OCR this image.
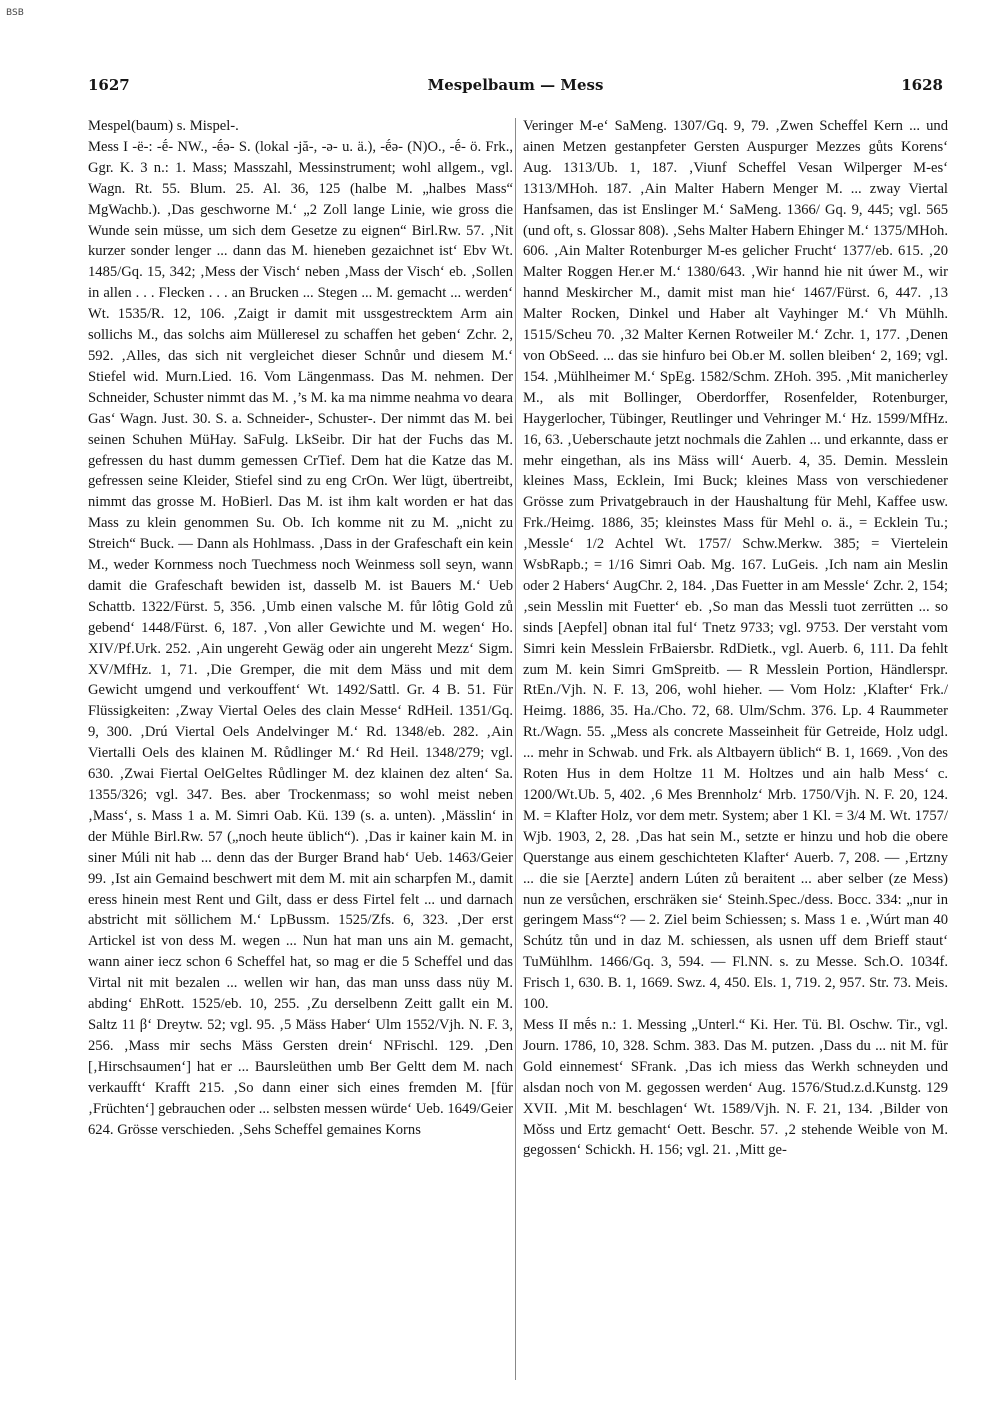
BSB
1627	Mespelbaum — Mess	1628

Mespel(baum) s. Mispel-.

Mess I -ë-: -ḗ- NW., -ḗə- S. (lokal -jă-, -ə- u. ä.), -ḗə- (N)O., -ḗ- ö. Frk., Ggr. K. 3 n.: 1. Mass; Masszahl, Messinstrument; wohl allgem., vgl. Wagn. Rt. 55. Blum. 25. Al. 36, 125 (halbe M. „halbes Mass“ MgWachb.). ‚Das geschworne M.‘ „2 Zoll lange Linie, wie gross die Wunde sein müsse, um sich dem Gesetze zu eignen“ Birl.Rw. 57. ‚Nit kurzer sonder lenger ... dann das M. hieneben gezaichnet ist‘ Ebv Wt. 1485/Gq. 15, 342; ‚Mess der Visch‘ neben ‚Mass der Visch‘ eb. ‚Sollen in allen . . . Flecken . . . an Brucken ... Stegen ... M. gemacht ... werden‘ Wt. 1535/R. 12, 106. ‚Zaigt ir damit mit ussgestrecktem Arm ain sollichs M., das solchs aim Mülleresel zu schaffen het geben‘ Zchr. 2, 592. ‚Alles, das sich nit vergleichet dieser Schnůr und diesem M.‘ Stiefel wid. Murn.Lied. 16. Vom Längenmass. Das M. nehmen. Der Schneider, Schuster nimmt das M. ‚’s M. ka ma nimme neahma vo deara Gas‘ Wagn. Just. 30. S. a. Schneider-, Schuster-. Der nimmt das M. bei seinen Schuhen MüHay. SaFulg. LkSeibr. Dir hat der Fuchs das M. gefressen du hast dumm gemessen CrTief. Dem hat die Katze das M. gefressen seine Kleider, Stiefel sind zu eng CrOn. Wer lügt, übertreibt, nimmt das grosse M. HoBierl. Das M. ist ihm kalt worden er hat das Mass zu klein genommen Su. Ob. Ich komme nit zu M. „nicht zu Streich“ Buck. — Dann als Hohlmass. ‚Dass in der Grafeschaft ein kein M., weder Kornmess noch Tuechmess noch Weinmess soll seyn, wann damit die Grafeschaft bewiden ist, dasselb M. ist Bauers M.‘ Ueb Schattb. 1322/Fürst. 5, 356. ‚Umb einen valsche M. fůr lôtig Gold zů gebend‘ 1448/Fürst. 6, 187. ‚Von aller Gewichte und M. wegen‘ Ho. XIV/Pf.Urk. 252. ‚Ain ungereht Gewäg oder ain ungereht Mezz‘ Sigm. XV/MfHz. 1, 71. ‚Die Gremper, die mit dem Mäss und mit dem Gewicht umgend und verkouffent‘ Wt. 1492/Sattl. Gr. 4 B. 51. Für Flüssigkeiten: ‚Zway Viertal Oeles des clain Messe‘ RdHeil. 1351/Gq. 9, 300. ‚Drú Viertal Oels Andelvinger M.‘ Rd. 1348/eb. 282. ‚Ain Viertalli Oels des klainen M. Růdlinger M.‘ Rd Heil. 1348/279; vgl. 630. ‚Zwai Fiertal OelGeltes Růdlinger M. dez klainen dez alten‘ Sa. 1355/326; vgl. 347. Bes. aber Trockenmass; so wohl meist neben ‚Mass‘, s. Mass 1 a. M. Simri Oab. Kü. 139 (s. a. unten). ‚Mässlin‘ in der Mühle Birl.Rw. 57 („noch heute üblich“). ‚Das ir kainer kain M. in siner Múli nit hab ... denn das der Burger Brand hab‘ Ueb. 1463/Geier 99. ‚Ist ain Gemaind beschwert mit dem M. mit ain scharpfen M., damit eress hinein mest Rent und Gilt, dass er dess Firtel felt ... und darnach abstricht mit söllichem M.‘ LpBussm. 1525/Zfs. 6, 323. ‚Der erst Artickel ist von dess M. wegen ... Nun hat man uns ain M. gemacht, wann ainer iecz schon 6 Scheffel hat, so mag er die 5 Scheffel und das Virtal nit mit bezalen ... wellen wir han, das man unss dass nüy M. abding‘ EhRott. 1525/eb. 10, 255. ‚Zu derselbenn Zeitt gallt ein M. Saltz 11 β‘ Dreytw. 52; vgl. 95. ‚5 Mäss Haber‘ Ulm 1552/Vjh. N. F. 3, 256. ‚Mass mir sechs Mäss Gersten drein‘ NFrischl. 129. ‚Den [‚Hirschsaumen‘] hat er ... Baursleüthen umb Ber Geltt dem M. nach verkaufft‘ Krafft 215. ‚So dann einer sich eines fremden M. [für ‚Früchten‘] gebrauchen oder ... selbsten messen würde‘ Ueb. 1649/Geier 624. Grösse verschieden. ‚Sehs Scheffel gemaines Korns

Veringer M-e‘ SaMeng. 1307/Gq. 9, 79. ‚Zwen Scheffel Kern ... und ainen Metzen gestanpfeter Gersten Auspurger Mezzes gůts Korens‘ Aug. 1313/Ub. 1, 187. ‚Viunf Scheffel Vesan Wilperger M-es‘ 1313/MHoh. 187. ‚Ain Malter Habern Menger M. ... zway Viertal Hanfsamen, das ist Enslinger M.‘ SaMeng. 1366/ Gq. 9, 445; vgl. 565 (und oft, s. Glossar 808). ‚Sehs Malter Habern Ehinger M.‘ 1375/MHoh. 606. ‚Ain Malter Rotenburger M-es gelicher Frucht‘ 1377/eb. 615. ‚20 Malter Roggen Her.er M.‘ 1380/643. ‚Wir hannd hie nit úwer M., wir hannd Meskircher M., damit mist man hie‘ 1467/Fürst. 6, 447. ‚13 Malter Rocken, Dinkel und Haber alt Vayhinger M.‘ Vh Mühlh. 1515/Scheu 70. ‚32 Malter Kernen Rotweiler M.‘ Zchr. 1, 177. ‚Denen von ObSeed. ... das sie hinfuro bei Ob.er M. sollen bleiben‘ 2, 169; vgl. 154. ‚Mühlheimer M.‘ SpEg. 1582/Schm. ZHoh. 395. ‚Mit manicherley M., als mit Bollinger, Oberdorffer, Rosenfelder, Rotenburger, Haygerlocher, Tübinger, Reutlinger und Vehringer M.‘ Hz. 1599/MfHz. 16, 63. ‚Ueberschaute jetzt nochmals die Zahlen ... und erkannte, dass er mehr eingethan, als ins Mäss will‘ Auerb. 4, 35. Demin. Messlein kleines Mass, Ecklein, Imi Buck; kleines Mass von verschiedener Grösse zum Privatgebrauch in der Haushaltung für Mehl, Kaffee usw. Frk./Heimg. 1886, 35; kleinstes Mass für Mehl o. ä., = Ecklein Tu.; ‚Messle‘ 1/2 Achtel Wt. 1757/ Schw.Merkw. 385; = Viertelein WsbRapb.; = 1/16 Simri Oab. Mg. 167. LuGeis. ‚Ich nam ain Meslin oder 2 Habers‘ AugChr. 2, 184. ‚Das Fuetter in am Messle‘ Zchr. 2, 154; ‚sein Messlin mit Fuetter‘ eb. ‚So man das Messli tuot zerrütten ... so sinds [Aepfel] obnan ital ful‘ Tnetz 9733; vgl. 9753. Der verstaht vom Simri kein Messlein FrBaiersbr. RdDietk., vgl. Auerb. 6, 111. Da fehlt zum M. kein Simri GmSpreitb. — R Messlein Portion, Händlerspr. RtEn./Vjh. N. F. 13, 206, wohl hieher. — Vom Holz: ‚Klafter‘ Frk./ Heimg. 1886, 35. Ha./Cho. 72, 68. Ulm/Schm. 376. Lp. 4 Raummeter Rt./Wagn. 55. „Mess als concrete Masseinheit für Getreide, Holz udgl. ... mehr in Schwab. und Frk. als Altbayern üblich“ B. 1, 1669. ‚Von des Roten Hus in dem Holtze 11 M. Holtzes und ain halb Mess‘ c. 1200/Wt.Ub. 5, 402. ‚6 Mes Brennholz‘ Mrb. 1750/Vjh. N. F. 20, 124. M. = Klafter Holz, vor dem metr. System; aber 1 Kl. = 3/4 M. Wt. 1757/ Wjb. 1903, 2, 28. ‚Das hat sein M., setzte er hinzu und hob die obere Querstange aus einem geschichteten Klafter‘ Auerb. 7, 208. — ‚Ertzny ... die sie [Aerzte] andern Lúten zů beraitent ... aber selber (ze Mess) nun ze versůchen, erschräken sie‘ Steinh.Spec./dess. Bocc. 334: „nur in geringem Mass“? — 2. Ziel beim Schiessen; s. Mass 1 e. ‚Wúrt man 40 Schútz tůn und in daz M. schiessen, als usnen uff dem Brieff staut‘ TuMühlhm. 1466/Gq. 3, 594. — Fl.NN. s. zu Messe. Sch.O. 1034f. Frisch 1, 630. B. 1, 1669. Swz. 4, 450. Els. 1, 719. 2, 957. Str. 73. Meis. 100.

Mess II mḗs n.: 1. Messing „Unterl.“ Ki. Her. Tü. Bl. Oschw. Tir., vgl. Journ. 1786, 10, 328. Schm. 383. Das M. putzen. ‚Dass du ... nit M. für Gold einnemest‘ SFrank. ‚Das ich miess das Werkh schneyden und alsdan noch von M. gegossen werden‘ Aug. 1576/Stud.z.d.Kunstg. 129 XVII. ‚Mit M. beschlagen‘ Wt. 1589/Vjh. N. F. 21, 134. ‚Bilder von Mǒss und Ertz gemacht‘ Oett. Beschr. 57. ‚2 stehende Weible von M. gegossen‘ Schickh. H. 156; vgl. 21. ‚Mitt ge-
